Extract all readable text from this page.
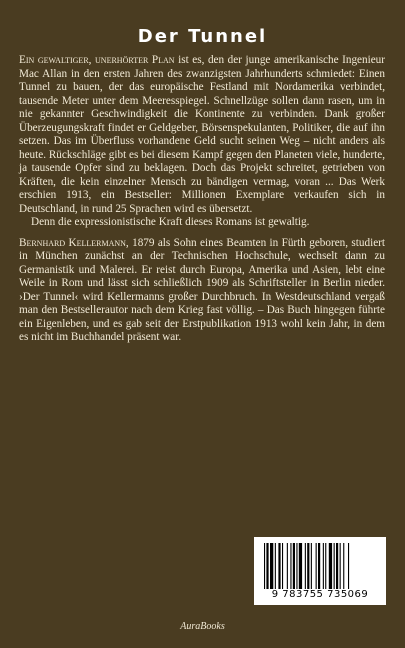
Der Tunnel

Ein gewaltiger, unerhörter Plan ist es, den der junge amerikanische Ingenieur Mac Allan in den ersten Jahren des zwanzigsten Jahrhunderts schmiedet: Einen Tunnel zu bauen, der das europäische Festland mit Nordamerika verbindet, tausende Meter unter dem Meeresspiegel. Schnellzüge sollen dann rasen, um in nie gekannter Geschwindigkeit die Kontinente zu verbinden. Dank großer Überzeugungskraft findet er Geldgeber, Börsenspekulanten, Politiker, die auf ihn setzen. Das im Überfluss vorhandene Geld sucht seinen Weg – nicht anders als heute. Rückschläge gibt es bei diesem Kampf gegen den Planeten viele, hunderte, ja tausende Opfer sind zu beklagen. Doch das Projekt schreitet, getrieben von Kräften, die kein einzelner Mensch zu bändigen vermag, voran ... Das Werk erschien 1913, ein Bestseller: Millionen Exemplare verkaufen sich in Deutschland, in rund 25 Sprachen wird es übersetzt.

Denn die expressionistische Kraft dieses Romans ist gewaltig.

Bernhard Kellermann, 1879 als Sohn eines Beamten in Fürth geboren, studiert in München zunächst an der Technischen Hochschule, wechselt dann zu Germanistik und Malerei. Er reist durch Europa, Amerika und Asien, lebt eine Weile in Rom und lässt sich schließlich 1909 als Schriftsteller in Berlin nieder. ›Der Tunnel‹ wird Kellermanns großer Durchbruch. In Westdeutschland vergaß man den Bestsellerautor nach dem Krieg fast völlig. – Das Buch hingegen führte ein Eigenleben, und es gab seit der Erstpublikation 1913 wohl kein Jahr, in dem es nicht im Buchhandel präsent war.

9 783755 735069
AuraBooks
